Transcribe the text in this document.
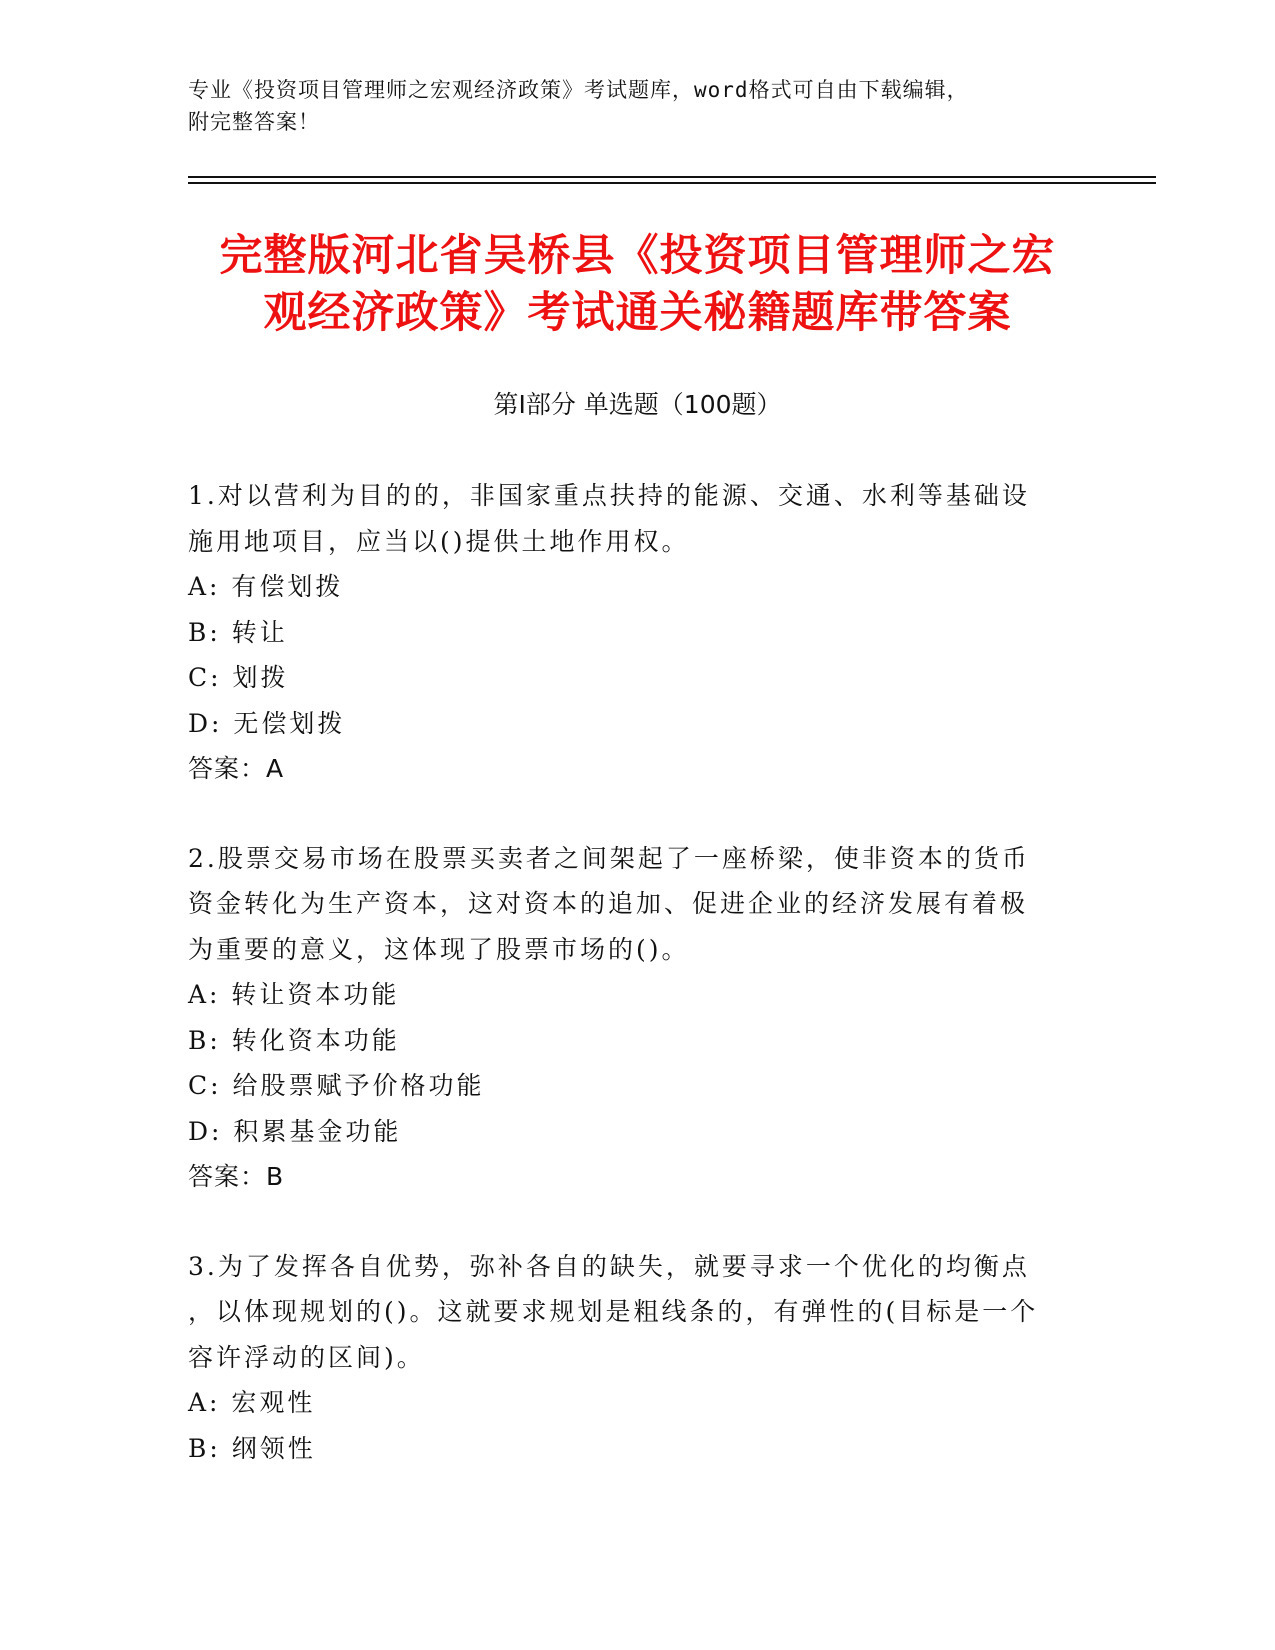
专业《投资项目管理师之宏观经济政策》考试题库，word格式可自由下载编辑，
附完整答案！
完整版河北省吴桥县《投资项目管理师之宏
观经济政策》考试通关秘籍题库带答案
第Ⅰ部分 单选题（100题）
1.对以营利为目的的，非国家重点扶持的能源、交通、水利等基础设
施用地项目，应当以()提供土地作用权。
A: 有偿划拨
B: 转让
C: 划拨
D: 无偿划拨
答案：A
2.股票交易市场在股票买卖者之间架起了一座桥梁，使非资本的货币
资金转化为生产资本，这对资本的追加、促进企业的经济发展有着极
为重要的意义，这体现了股票市场的()。
A: 转让资本功能
B: 转化资本功能
C: 给股票赋予价格功能
D: 积累基金功能
答案：B
3.为了发挥各自优势，弥补各自的缺失，就要寻求一个优化的均衡点
，以体现规划的()。这就要求规划是粗线条的，有弹性的(目标是一个
容许浮动的区间)。
A: 宏观性
B: 纲领性
